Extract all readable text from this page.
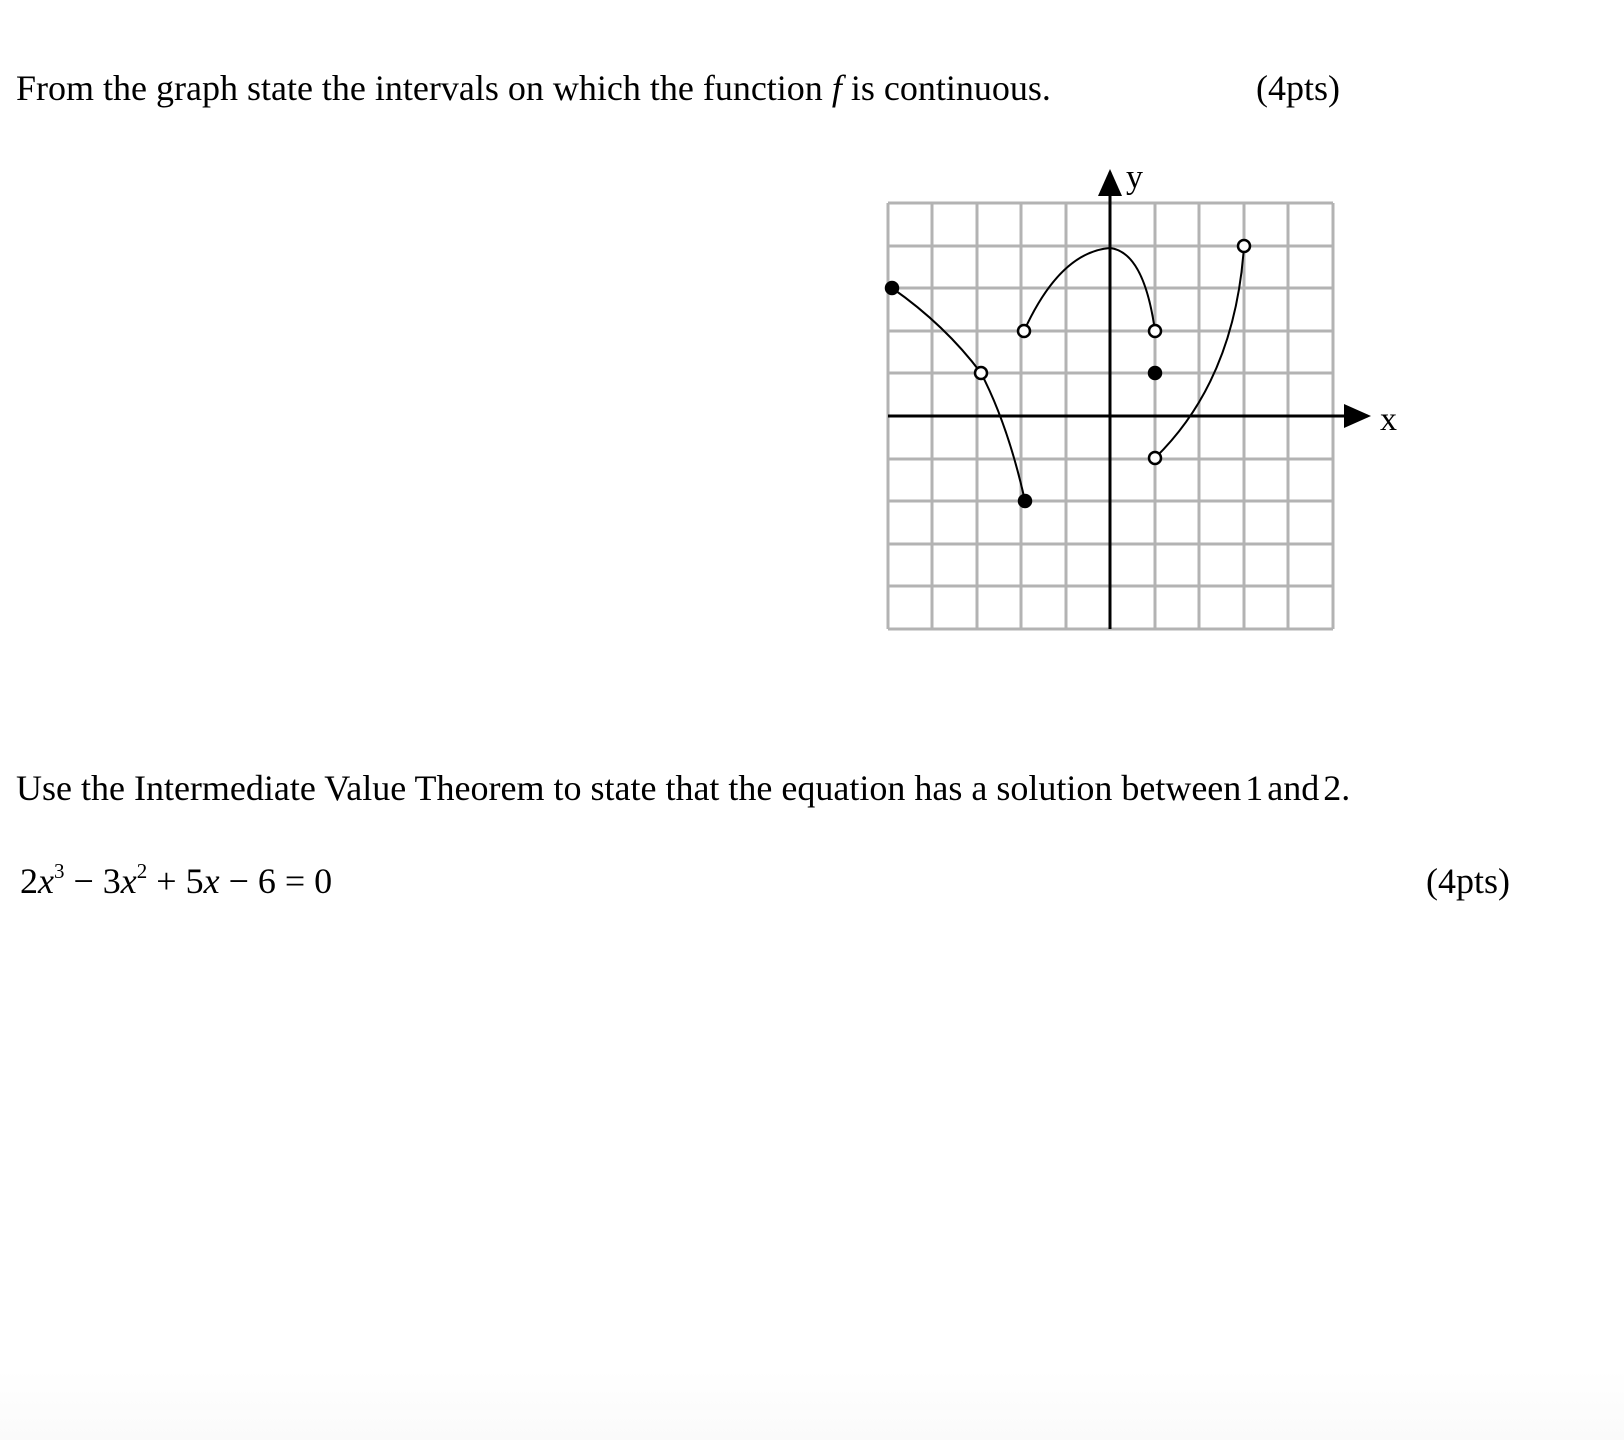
From the graph state the intervals on which the function f is continuous.	(4pts)
y
x
Use the Intermediate Value Theorem to state that the equation has a solution between 1 and 2.
$2x^3 - 3x^2 + 5x - 6 = 0$	(4pts)
